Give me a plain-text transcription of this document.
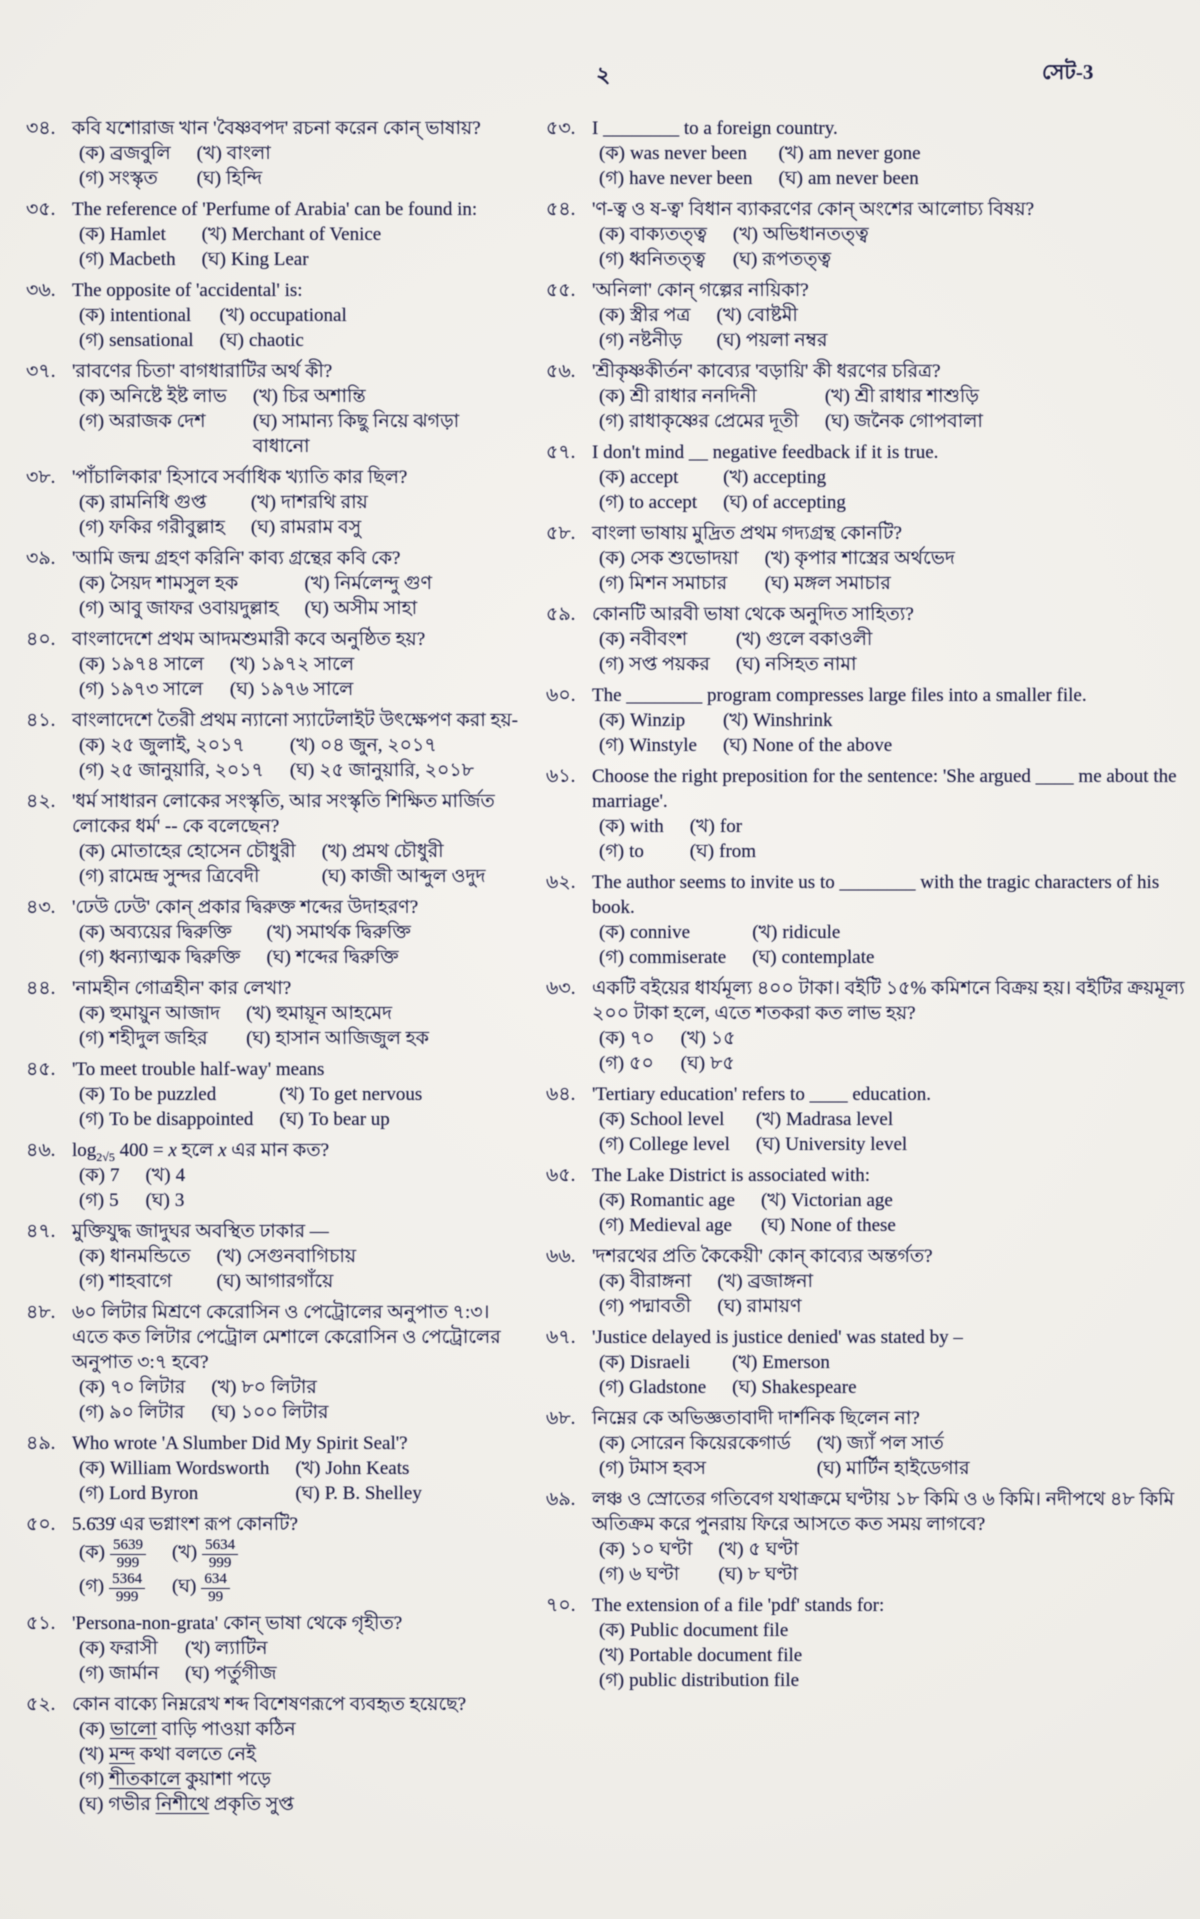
২	সেট-3
৩৪. কবি যশোরাজ খান 'বৈষ্ণবপদ' রচনা করেন কোন্ ভাষায়?
(ক) ব্রজবুলি (খ) বাংলা
(গ) সংস্কৃত	(ঘ) হিন্দি
৩৫. The reference of 'Perfume of Arabia' can be found in:
(ক) Hamlet	(খ) Merchant of Venice
(গ) Macbeth (ঘ) King Lear
৩৬. The opposite of 'accidental' is:
(ক) intentional (খ) occupational
(গ) sensational (ঘ) chaotic
৩৭. 'রাবণের চিতা' বাগধারাটির অর্থ কী?
(ক) অনিষ্টে ইষ্ট লাভ (খ) চির অশান্তি
(গ) অরাজক দেশ	(ঘ) সামান্য কিছু নিয়ে ঝগড়া বাধানো
৩৮. 'পাঁচালিকার' হিসাবে সর্বাধিক খ্যাতি কার ছিল?
(ক) রামনিধি গুপ্ত	(খ) দাশরথি রায়
(গ) ফকির গরীবুল্লাহ (ঘ) রামরাম বসু
৩৯. 'আমি জন্ম গ্রহণ করিনি' কাব্য গ্রন্থের কবি কে?
(ক) সৈয়দ শামসুল হক	(খ) নির্মলেন্দু গুণ
(গ) আবু জাফর ওবায়দুল্লাহ (ঘ) অসীম সাহা
৪০. বাংলাদেশে প্রথম আদমশুমারী কবে অনুষ্ঠিত হয়?
(ক) ১৯৭৪ সালে (খ) ১৯৭২ সালে
(গ) ১৯৭৩ সালে (ঘ) ১৯৭৬ সালে
৪১. বাংলাদেশে তৈরী প্রথম ন্যানো স্যাটেলাইট উৎক্ষেপণ করা হয়-
(ক) ২৫ জুলাই, ২০১৭	(খ) ০৪ জুন, ২০১৭
(গ) ২৫ জানুয়ারি, ২০১৭ (ঘ) ২৫ জানুয়ারি, ২০১৮
৪২. 'ধর্ম সাধারন লোকের সংস্কৃতি, আর সংস্কৃতি শিক্ষিত মার্জিত লোকের ধর্ম' -- কে বলেছেন?
(ক) মোতাহের হোসেন চৌধুরী (খ) প্রমথ চৌধুরী
(গ) রামেন্দ্র সুন্দর ত্রিবেদী	(ঘ) কাজী আব্দুল ওদুদ
৪৩. 'ঢেউ ঢেউ' কোন্ প্রকার দ্বিরুক্ত শব্দের উদাহরণ?
(ক) অব্যয়ের দ্বিরুক্তি	(খ) সমার্থক দ্বিরুক্তি
(গ) ধ্বন্যাত্মক দ্বিরুক্তি (ঘ) শব্দের দ্বিরুক্তি
৪৪. 'নামহীন গোত্রহীন' কার লেখা?
(ক) হুমায়ুন আজাদ (খ) হুমায়ূন আহমেদ
(গ) শহীদুল জহির	(ঘ) হাসান আজিজুল হক
৪৫. 'To meet trouble half-way' means
(ক) To be puzzled	(খ) To get nervous
(গ) To be disappointed (ঘ) To bear up
৪৬. $\log_{2√5} 400 = x$ হলে x এর মান কত?
(ক) 7 (খ) 4
(গ) 5 (ঘ) 3
৪৭. মুক্তিযুদ্ধ জাদুঘর অবস্থিত ঢাকার —
(ক) ধানমন্ডিতে (খ) সেগুনবাগিচায়
(গ) শাহবাগে	(ঘ) আগারগাঁয়ে
৪৮. ৬০ লিটার মিশ্রণে কেরোসিন ও পেট্রোলের অনুপাত ৭:৩। এতে কত লিটার পেট্রোল মেশালে কেরোসিন ও পেট্রোলের অনুপাত ৩:৭ হবে?
(ক) ৭০ লিটার (খ) ৮০ লিটার
(গ) ৯০ লিটার (ঘ) ১০০ লিটার
৪৯. Who wrote 'A Slumber Did My Spirit Seal'?
(ক) William Wordsworth (খ) John Keats
(গ) Lord Byron	(ঘ) P. B. Shelley
৫০. 5.6̇39̇ এর ভগ্নাংশ রূপ কোনটি?
(ক) $\frac{5639}{999}$ (খ) $\frac{5634}{999}$
(গ) $\frac{5364}{999}$ (ঘ) $\frac{634}{99}$
৫১. 'Persona-non-grata' কোন্ ভাষা থেকে গৃহীত?
(ক) ফরাসী (খ) ল্যাটিন
(গ) জার্মান (ঘ) পর্তুগীজ
৫২. কোন বাক্যে নিম্নরেখ শব্দ বিশেষণরূপে ব্যবহৃত হয়েছে?
(ক) ভালো বাড়ি পাওয়া কঠিন
(খ) মন্দ কথা বলতে নেই
(গ) শীতকালে কুয়াশা পড়ে
(ঘ) গভীর নিশীথে প্রকৃতি সুপ্ত
৫৩. I ________ to a foreign country.
(ক) was never been (খ) am never gone
(গ) have never been (ঘ) am never been
৫৪. 'ণ-ত্ব ও ষ-ত্ব' বিধান ব্যাকরণের কোন্ অংশের আলোচ্য বিষয়?
(ক) বাক্যতত্ত্ব (খ) অভিধানতত্ত্ব
(গ) ধ্বনিতত্ত্ব (ঘ) রূপতত্ত্ব
৫৫. 'অনিলা' কোন্ গল্পের নায়িকা?
(ক) স্ত্রীর পত্র (খ) বোষ্টমী
(গ) নষ্টনীড়	(ঘ) পয়লা নম্বর
৫৬. 'শ্রীকৃষ্ণকীর্তন' কাব্যের 'বড়ায়ি' কী ধরণের চরিত্র?
(ক) শ্রী রাধার ননদিনী	(খ) শ্রী রাধার শাশুড়ি
(গ) রাধাকৃষ্ণের প্রেমের দূতী (ঘ) জনৈক গোপবালা
৫৭. I don't mind __ negative feedback if it is true.
(ক) accept	(খ) accepting
(গ) to accept (ঘ) of accepting
৫৮. বাংলা ভাষায় মুদ্রিত প্রথম গদ্যগ্রন্থ কোনটি?
(ক) সেক শুভোদয়া (খ) কৃপার শাস্ত্রের অর্থভেদ
(গ) মিশন সমাচার	(ঘ) মঙ্গল সমাচার
৫৯. কোনটি আরবী ভাষা থেকে অনুদিত সাহিত্য?
(ক) নবীবংশ	(খ) গুলে বকাওলী
(গ) সপ্ত পয়কর (ঘ) নসিহত নামা
৬০. The ________ program compresses large files into a smaller file.
(ক) Winzip	(খ) Winshrink
(গ) Winstyle (ঘ) None of the above
৬১. Choose the right preposition for the sentence: 'She argued ____ me about the marriage'.
(ক) with (খ) for
(গ) to	(ঘ) from
৬২. The author seems to invite us to ________ with the tragic characters of his book.
(ক) connive	(খ) ridicule
(গ) commiserate (ঘ) contemplate
৬৩. একটি বইয়ের ধার্যমূল্য ৪০০ টাকা। বইটি ১৫% কমিশনে বিক্রয় হয়। বইটির ক্রয়মূল্য ২০০ টাকা হলে, এতে শতকরা কত লাভ হয়?
(ক) ৭০ (খ) ১৫
(গ) ৫০ (ঘ) ৮৫
৬৪. 'Tertiary education' refers to ____ education.
(ক) School level (খ) Madrasa level
(গ) College level (ঘ) University level
৬৫. The Lake District is associated with:
(ক) Romantic age (খ) Victorian age
(গ) Medieval age (ঘ) None of these
৬৬. 'দশরথের প্রতি কৈকেয়ী' কোন্ কাব্যের অন্তর্গত?
(ক) বীরাঙ্গনা (খ) ব্রজাঙ্গনা
(গ) পদ্মাবতী (ঘ) রামায়ণ
৬৭. 'Justice delayed is justice denied' was stated by –
(ক) Disraeli	(খ) Emerson
(গ) Gladstone (ঘ) Shakespeare
৬৮. নিম্নের কে অভিজ্ঞতাবাদী দার্শনিক ছিলেন না?
(ক) সোরেন কিয়েরকেগার্ড (খ) জ্যাঁ পল সার্ত
(গ) টমাস হবস	(ঘ) মার্টিন হাইডেগার
৬৯. লঞ্চ ও স্রোতের গতিবেগ যথাক্রমে ঘণ্টায় ১৮ কিমি ও ৬ কিমি। নদীপথে ৪৮ কিমি অতিক্রম করে পুনরায় ফিরে আসতে কত সময় লাগবে?
(ক) ১০ ঘণ্টা (খ) ৫ ঘণ্টা
(গ) ৬ ঘণ্টা	(ঘ) ৮ ঘণ্টা
৭০. The extension of a file 'pdf' stands for:
(ক) Public document file
(খ) Portable document file
(গ) public distribution file
